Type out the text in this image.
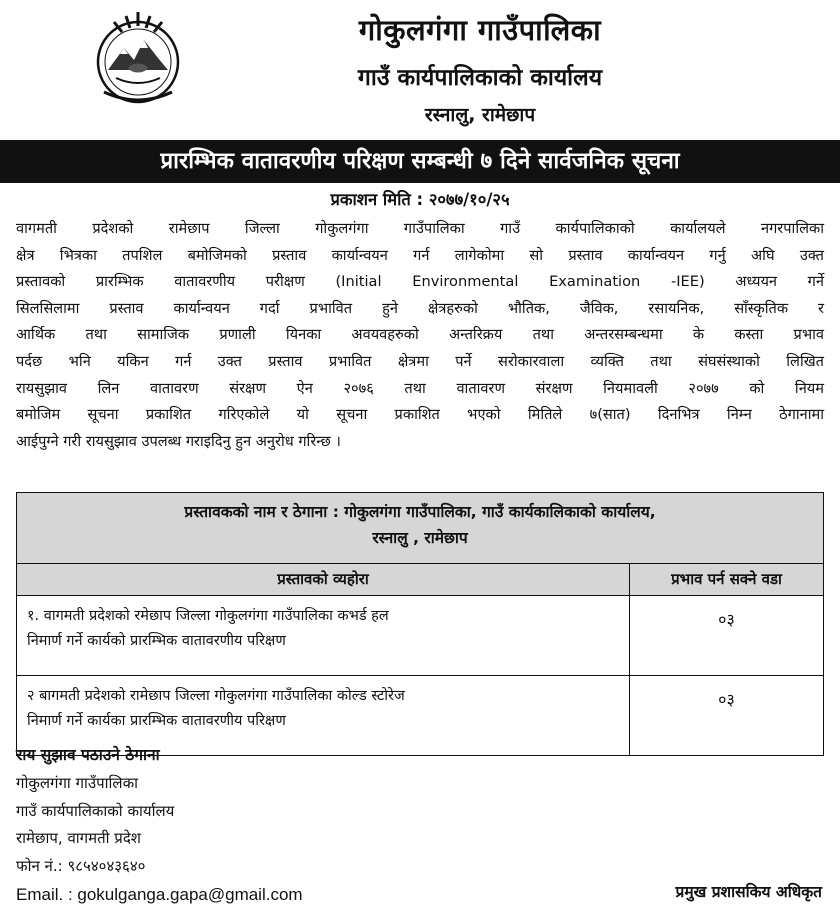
गोकुलगंगा गाउँपालिका
गाउँ कार्यपालिकाको कार्यालय
रस्नालु, रामेछाप
प्रारम्भिक वातावरणीय परिक्षण सम्बन्धी ७ दिने सार्वजनिक सूचना
प्रकाशन मिति : २०७७/१०/२५
वागमती प्रदेशको रामेछाप जिल्ला गोकुलगंगा गाउँपालिका गाउँ कार्यपालिकाको कार्यालयले नगरपालिका
क्षेत्र भित्रका तपशिल बमोजिमको प्रस्ताव कार्यान्वयन गर्न लागेकोमा सो प्रस्ताव कार्यान्वयन गर्नु अघि उक्त
प्रस्तावको प्रारम्भिक वातावरणीय परीक्षण (Initial Environmental Examination -IEE) अध्ययन गर्ने
सिलसिलामा प्रस्ताव कार्यान्वयन गर्दा प्रभावित हुने क्षेत्रहरुको भौतिक, जैविक, रसायनिक, साँस्कृतिक र
आर्थिक तथा सामाजिक प्रणाली यिनका अवयवहरुको अन्तरिक्रय तथा अन्तरसम्बन्धमा के कस्ता प्रभाव
पर्दछ भनि यकिन गर्न उक्त प्रस्ताव प्रभावित क्षेत्रमा पर्ने सरोकारवाला व्यक्ति तथा संघसंस्थाको लिखित
रायसुझाव लिन वातावरण संरक्षण ऐन २०७६ तथा वातावरण संरक्षण नियमावली २०७७ को नियम
बमोजिम सूचना प्रकाशित गरिएकोले यो सूचना प्रकाशित भएको मितिले ७(सात) दिनभित्र निम्न ठेगानामा
आईपुग्ने गरी रायसुझाव उपलब्ध गराइदिनु हुन अनुरोध गरिन्छ ।
प्रस्तावकको नाम र ठेगाना : गोकुलगंगा गाउँपालिका, गाउँ कार्यकालिकाको कार्यालय,
रस्नालु , रामेछाप
प्रस्तावको व्यहोरा	प्रभाव पर्न सक्ने वडा
१. वागमती प्रदेशको रमेछाप जिल्ला गोकुलगंगा गाउँपालिका कभर्ड हल
निमार्ण गर्ने कार्यको प्रारम्भिक वातावरणीय परिक्षण
०३
२ बागमती प्रदेशको रामेछाप जिल्ला गोकुलगंगा गाउँपालिका कोल्ड स्टोरेज
निमार्ण गर्ने कार्यका प्रारम्भिक वातावरणीय परिक्षण
०३
राय सुझाव पठाउने ठेगाना
गोकुलगंगा गाउँपालिका
गाउँ कार्यपालिकाको कार्यालय
रामेछाप, वागमती प्रदेश
फोन नं.: ९८५४०४३६४०
Email. : gokulganga.gapa@gmail.com	प्रमुख प्रशासकिय अधिकृत
